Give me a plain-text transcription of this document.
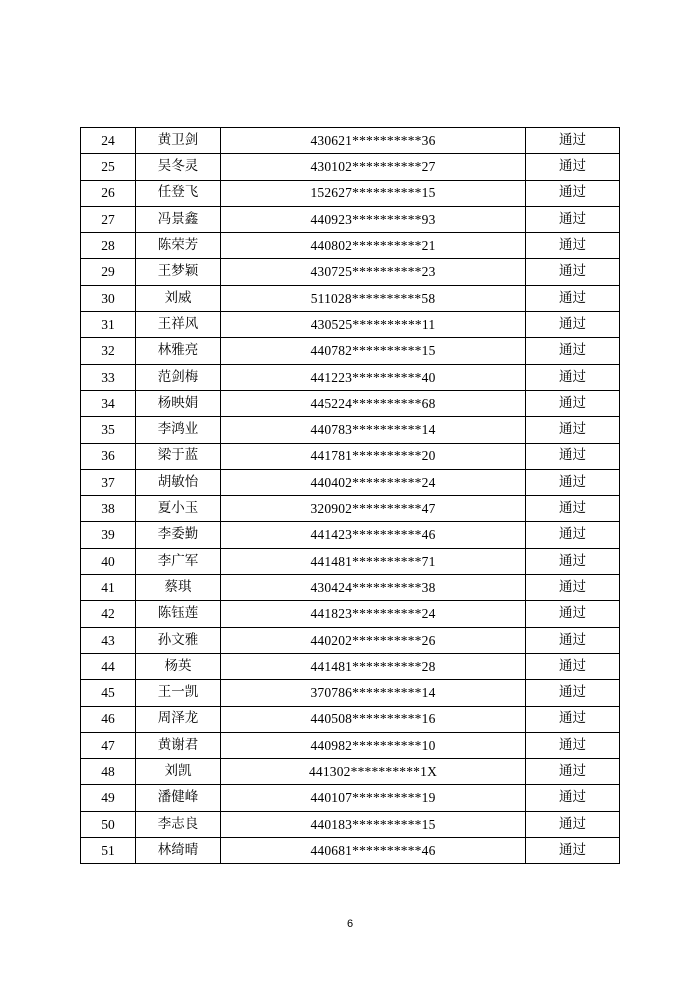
24	黄卫剑	430621**********36	通过
25	吴冬灵	430102**********27	通过
26	任登飞	152627**********15	通过
27	冯景鑫	440923**********93	通过
28	陈荣芳	440802**********21	通过
29	王梦颖	430725**********23	通过
30	刘威	511028**********58	通过
31	王祥风	430525**********11	通过
32	林雅亮	440782**********15	通过
33	范剑梅	441223**********40	通过
34	杨映娟	445224**********68	通过
35	李鸿业	440783**********14	通过
36	梁于蓝	441781**********20	通过
37	胡敏怡	440402**********24	通过
38	夏小玉	320902**********47	通过
39	李委勤	441423**********46	通过
40	李广军	441481**********71	通过
41	蔡琪	430424**********38	通过
42	陈钰莲	441823**********24	通过
43	孙文雅	440202**********26	通过
44	杨英	441481**********28	通过
45	王一凯	370786**********14	通过
46	周泽龙	440508**********16	通过
47	黄谢君	440982**********10	通过
48	刘凯	441302**********1X	通过
49	潘健峰	440107**********19	通过
50	李志良	440183**********15	通过
51	林绮晴	440681**********46	通过
6
